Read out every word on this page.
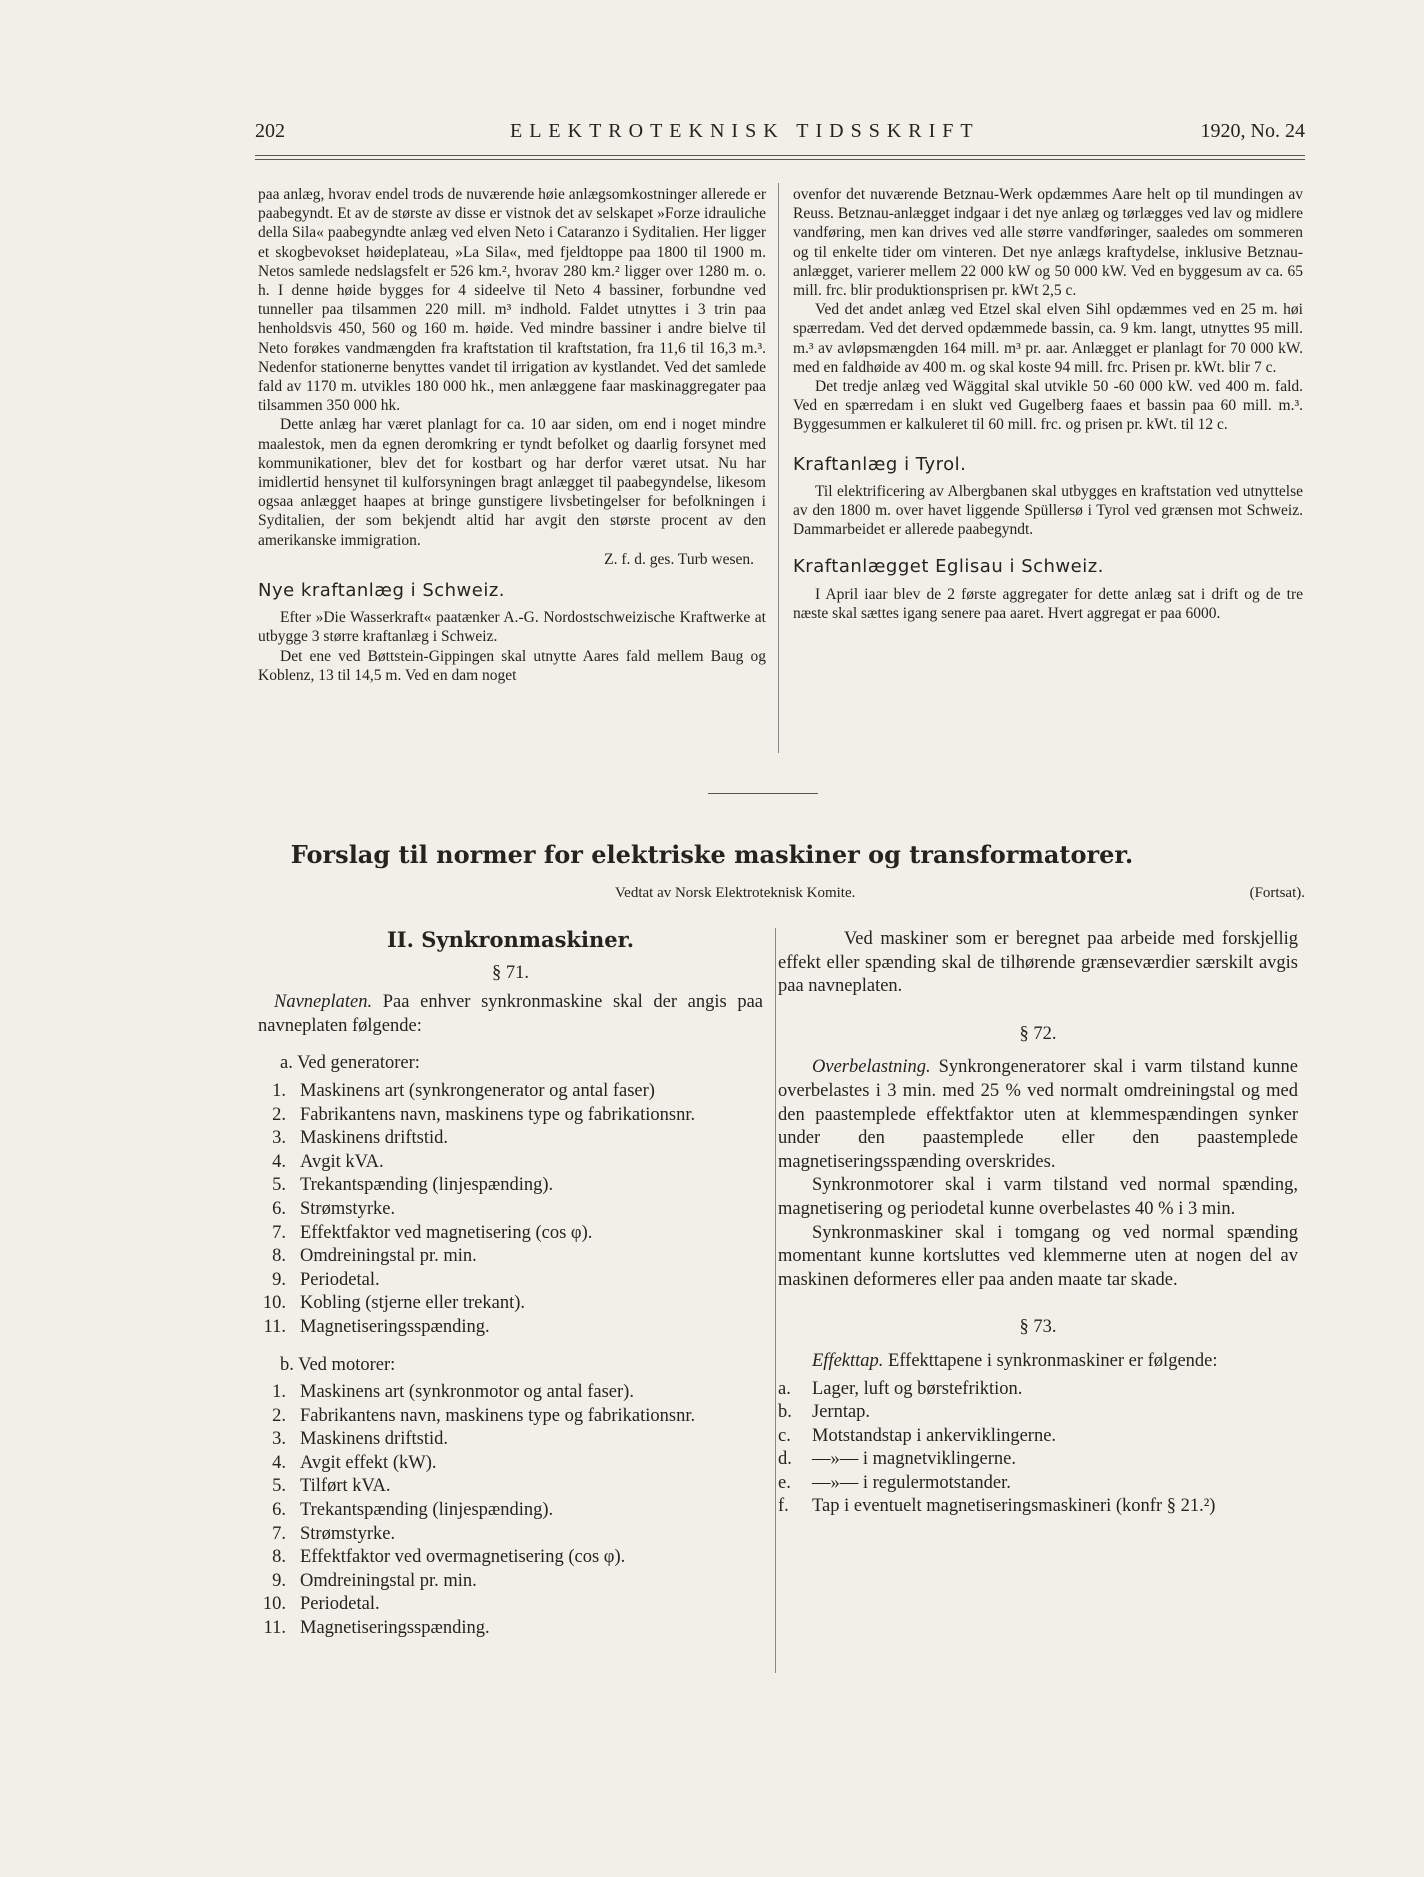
202	ELEKTROTEKNISK TIDSSKRIFT	1920, No. 24

paa anlæg, hvorav endel trods de nuværende høie anlægsomkostninger allerede er paabegyndt. Et av de største av disse er vistnok det av selskapet »Forze idrauliche della Sila« paabegyndte anlæg ved elven Neto i Cataranzo i Syditalien. Her ligger et skogbevokset høideplateau, »La Sila«, med fjeldtoppe paa 1800 til 1900 m. Netos samlede nedslagsfelt er 526 km.², hvorav 280 km.² ligger over 1280 m. o. h. I denne høide bygges for 4 sideelve til Neto 4 bassiner, forbundne ved tunneller paa tilsammen 220 mill. m³ indhold. Faldet utnyttes i 3 trin paa henholdsvis 450, 560 og 160 m. høide. Ved mindre bassiner i andre bielve til Neto forøkes vandmængden fra kraftstation til kraftstation, fra 11,6 til 16,3 m.³. Nedenfor stationerne benyttes vandet til irrigation av kystlandet. Ved det samlede fald av 1170 m. utvikles 180 000 hk., men anlæggene faar maskinaggregater paa tilsammen 350 000 hk.

Dette anlæg har været planlagt for ca. 10 aar siden, om end i noget mindre maalestok, men da egnen deromkring er tyndt befolket og daarlig forsynet med kommunikationer, blev det for kostbart og har derfor været utsat. Nu har imidlertid hensynet til kulforsyningen bragt anlægget til paabegyndelse, likesom ogsaa anlægget haapes at bringe gunstigere livsbetingelser for befolkningen i Syditalien, der som bekjendt altid har avgit den største procent av den amerikanske immigration.

Z. f. d. ges. Turb wesen.

Nye kraftanlæg i Schweiz.

Efter »Die Wasserkraft« paatænker A.-G. Nordostschweizische Kraftwerke at utbygge 3 større kraftanlæg i Schweiz.

Det ene ved Bøttstein-Gippingen skal utnytte Aares fald mellem Baug og Koblenz, 13 til 14,5 m. Ved en dam noget

ovenfor det nuværende Betznau-Werk opdæmmes Aare helt op til mundingen av Reuss. Betznau-anlægget indgaar i det nye anlæg og tørlægges ved lav og midlere vandføring, men kan drives ved alle større vandføringer, saaledes om sommeren og til enkelte tider om vinteren. Det nye anlægs kraftydelse, inklusive Betznau-anlægget, varierer mellem 22 000 kW og 50 000 kW. Ved en byggesum av ca. 65 mill. frc. blir produktionsprisen pr. kWt 2,5 c.

Ved det andet anlæg ved Etzel skal elven Sihl opdæmmes ved en 25 m. høi spærredam. Ved det derved opdæmmede bassin, ca. 9 km. langt, utnyttes 95 mill. m.³ av avløpsmængden 164 mill. m³ pr. aar. Anlægget er planlagt for 70 000 kW. med en faldhøide av 400 m. og skal koste 94 mill. frc. Prisen pr. kWt. blir 7 c.

Det tredje anlæg ved Wäggital skal utvikle 50 -60 000 kW. ved 400 m. fald. Ved en spærredam i en slukt ved Gugelberg faaes et bassin paa 60 mill. m.³. Byggesummen er kalkuleret til 60 mill. frc. og prisen pr. kWt. til 12 c.

Kraftanlæg i Tyrol.

Til elektrificering av Albergbanen skal utbygges en kraftstation ved utnyttelse av den 1800 m. over havet liggende Spüllersø i Tyrol ved grænsen mot Schweiz. Dammarbeidet er allerede paabegyndt.

Kraftanlægget Eglisau i Schweiz.

I April iaar blev de 2 første aggregater for dette anlæg sat i drift og de tre næste skal sættes igang senere paa aaret. Hvert aggregat er paa 6000.

Forslag til normer for elektriske maskiner og transformatorer.
Vedtat av Norsk Elektroteknisk Komite.	(Fortsat).
II. Synkronmaskiner.
§ 71.

Navneplaten. Paa enhver synkronmaskine skal der angis paa navneplaten følgende:

a. Ved generatorer:
1. Maskinens art (synkrongenerator og antal faser)
2. Fabrikantens navn, maskinens type og fabrikationsnr.
3. Maskinens driftstid.
4. Avgit kVA.
5. Trekantspænding (linjespænding).
6. Strømstyrke.
7. Effektfaktor ved magnetisering (cos φ).
8. Omdreiningstal pr. min.
9. Periodetal.
10. Kobling (stjerne eller trekant).
11. Magnetiseringsspænding.
b. Ved motorer:
1. Maskinens art (synkronmotor og antal faser).
2. Fabrikantens navn, maskinens type og fabrikationsnr.
3. Maskinens driftstid.
4. Avgit effekt (kW).
5. Tilført kVA.
6. Trekantspænding (linjespænding).
7. Strømstyrke.
8. Effektfaktor ved overmagnetisering (cos φ).
9. Omdreiningstal pr. min.
10. Periodetal.
11. Magnetiseringsspænding.

Ved maskiner som er beregnet paa arbeide med forskjellig effekt eller spænding skal de tilhørende grænseværdier særskilt avgis paa navneplaten.

§ 72.

Overbelastning. Synkrongeneratorer skal i varm tilstand kunne overbelastes i 3 min. med 25 % ved normalt omdreiningstal og med den paastemplede effektfaktor uten at klemmespændingen synker under den paastemplede eller den paastemplede magnetiseringsspænding overskrides.

Synkronmotorer skal i varm tilstand ved normal spænding, magnetisering og periodetal kunne overbelastes 40 % i 3 min.

Synkronmaskiner skal i tomgang og ved normal spænding momentant kunne kortsluttes ved klemmerne uten at nogen del av maskinen deformeres eller paa anden maate tar skade.

§ 73.

Effekttap. Effekttapene i synkronmaskiner er følgende:

a.	Lager, luft og børstefriktion.
b.	Jerntap.
c.	Motstandstap i ankerviklingerne.
d.	—»— i magnetviklingerne.
e.	—»— i regulermotstander.
f.	Tap i eventuelt magnetiseringsmaskineri (konfr § 21.²)
